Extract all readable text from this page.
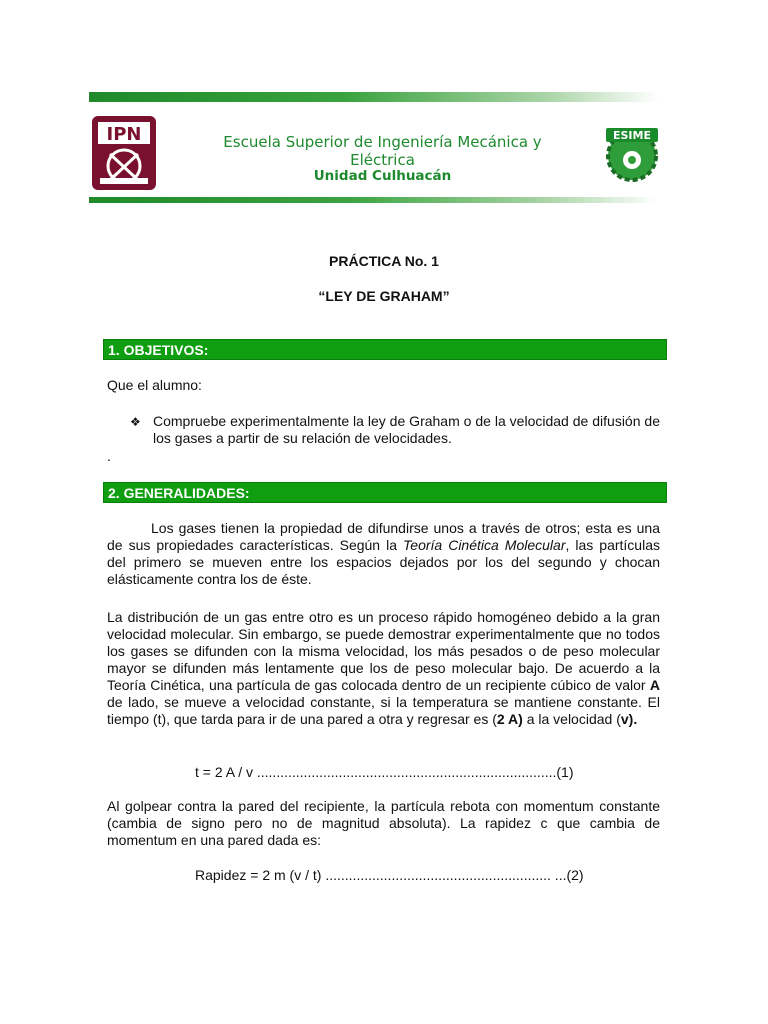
IPN	Escuela Superior de Ingeniería Mecánica y Eléctrica
Unidad Culhuacán
ESIME
PRÁCTICA No. 1
“LEY DE GRAHAM”
1. OBJETIVOS:
Que el alumno:
❖ Compruebe experimentalmente la ley de Graham o de la velocidad de difusión de los gases a partir de su relación de velocidades.
.
2. GENERALIDADES:
Los gases tienen la propiedad de difundirse unos a través de otros; esta es una de sus propiedades características. Según la Teoría Cinética Molecular, las partículas del primero se mueven entre los espacios dejados por los del segundo y chocan elásticamente contra los de éste.
La distribución de un gas entre otro es un proceso rápido homogéneo debido a la gran velocidad molecular. Sin embargo, se puede demostrar experimentalmente que no todos los gases se difunden con la misma velocidad, los más pesados o de peso molecular mayor se difunden más lentamente que los de peso molecular bajo. De acuerdo a la Teoría Cinética, una partícula de gas colocada dentro de un recipiente cúbico de valor A de lado, se mueve a velocidad constante, si la temperatura se mantiene constante. El tiempo (t), que tarda para ir de una pared a otra y regresar es (2 A) a la velocidad (v).
t = 2 A / v .............................................................................(1)
Al golpear contra la pared del recipiente, la partícula rebota con momentum constante (cambia de signo pero no de magnitud absoluta). La rapidez c que cambia de momentum en una pared dada es:
Rapidez = 2 m (v / t) .......................................................... ...(2)
